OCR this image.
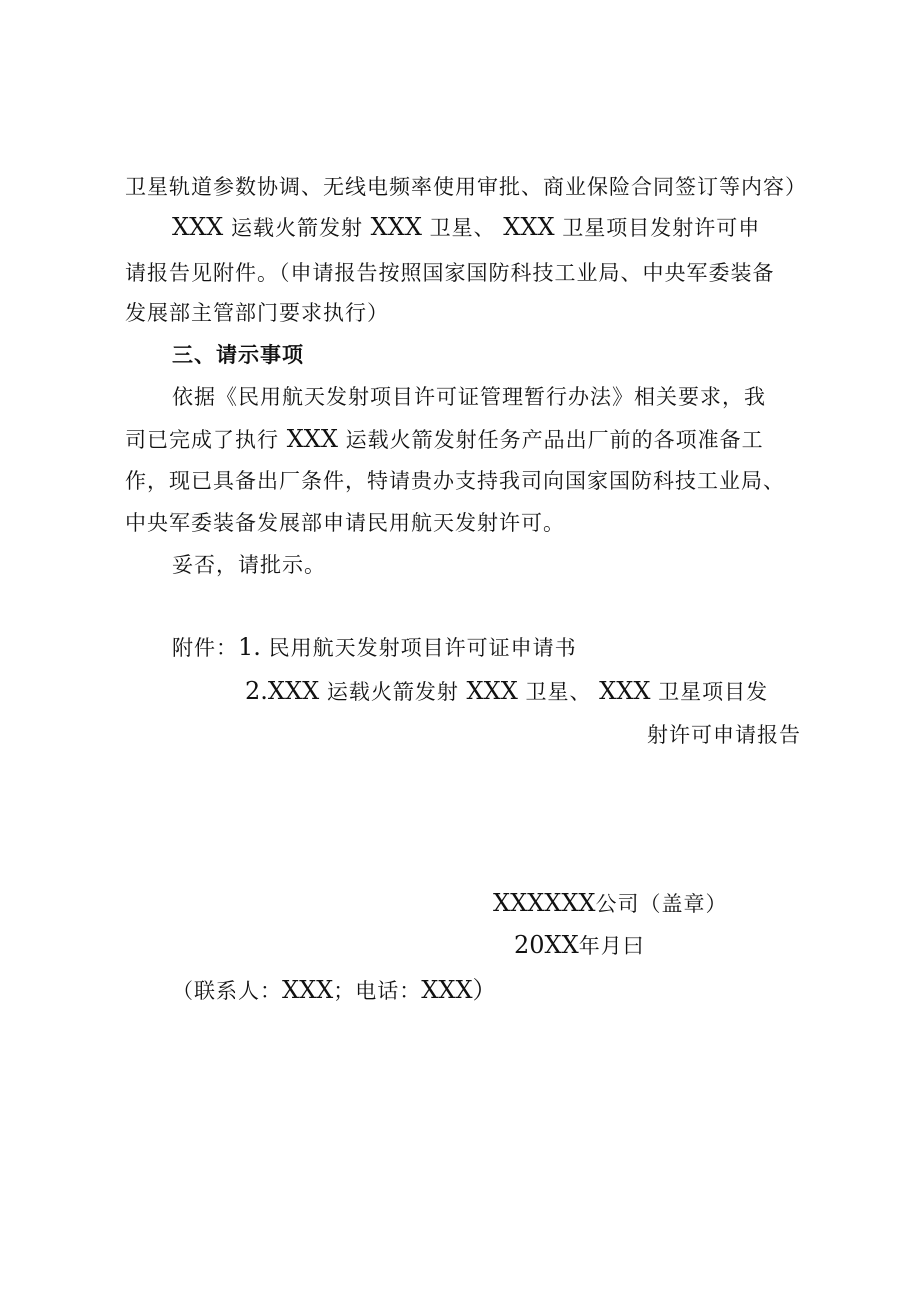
卫星轨道参数协调、无线电频率使用审批、商业保险合同签订等内容）
XXX 运载火箭发射 XXX 卫星、 XXX 卫星项目发射许可申
请报告见附件。（申请报告按照国家国防科技工业局、中央军委装备
发展部主管部门要求执行）
三、请示事项
依据《民用航天发射项目许可证管理暂行办法》相关要求，我
司已完成了执行 XXX 运载火箭发射任务产品出厂前的各项准备工
作，现已具备出厂条件，特请贵办支持我司向国家国防科技工业局、
中央军委装备发展部申请民用航天发射许可。
妥否，请批示。
附件：1. 民用航天发射项目许可证申请书
2.XXX 运载火箭发射 XXX 卫星、 XXX 卫星项目发
射许可申请报告
XXXXXX公司（盖章）
20XX年月曰
（联系人：XXX；电话：XXX）
